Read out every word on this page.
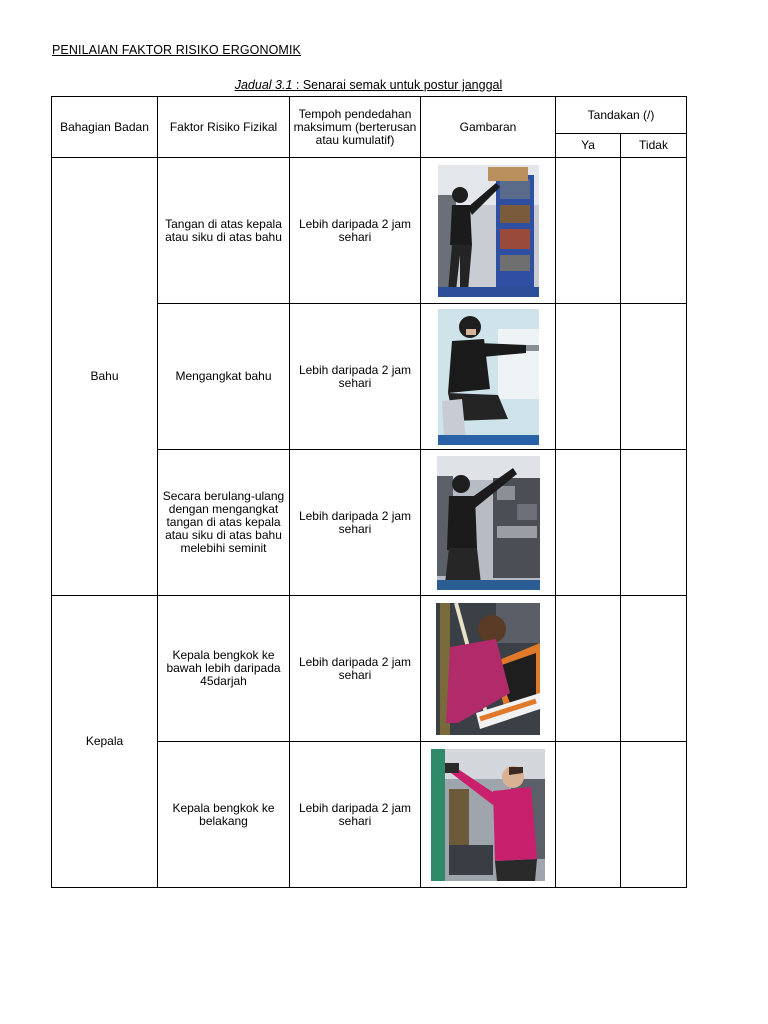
PENILAIAN FAKTOR RISIKO ERGONOMIK
Jadual 3.1 : Senarai semak untuk postur janggal
Bahagian Badan	Faktor Risiko Fizikal	Tempoh pendedahan maksimum (berterusan atau kumulatif)	Gambaran	Tandakan (/)	
				Ya	Tidak
Bahu	Tangan di atas kepala atau siku di atas bahu	Lebih daripada 2 jam sehari	

	Mengangkat bahu	Lebih daripada 2 jam sehari	

	Secara berulang-ulang dengan mengangkat tangan di atas kepala atau siku di atas bahu melebihi seminit	Lebih daripada 2 jam sehari	

Kepala	Kepala bengkok ke bawah lebih daripada 45darjah	Lebih daripada 2 jam sehari	

	Kepala bengkok ke belakang	Lebih daripada 2 jam sehari	
